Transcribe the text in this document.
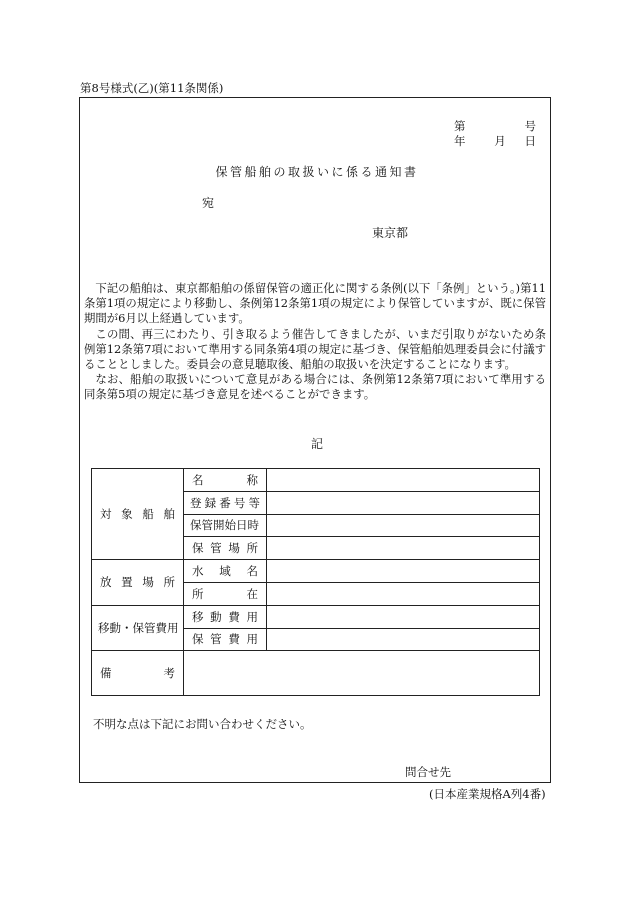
第8号様式(乙)(第11条関係)
第	号
年	月 日
保管船舶の取扱いに係る通知書
宛
東京都

下記の船舶は、東京都船舶の係留保管の適正化に関する条例(以下「条例」という。)第11条第1項の規定により移動し、条例第12条第1項の規定により保管していますが、既に保管期間が6月以上経過しています。

この間、再三にわたり、引き取るよう催告してきましたが、いまだ引取りがないため条例第12条第7項において準用する同条第4項の規定に基づき、保管船舶処理委員会に付議することとしました。委員会の意見聴取後、船舶の取扱いを決定することになります。

なお、船舶の取扱いについて意見がある場合には、条例第12条第7項において準用する同条第5項の規定に基づき意見を述べることができます。

記
対 象 船 舶	名 称	

	登 録 番 号 等	

	保管開始日時	

	保 管 場 所	

放 置 場 所	水 域 名	

	所 在	

移動・保管費用	移 動 費 用	

	保 管 費 用	

備 考		

不明な点は下記にお問い合わせください。
問合せ先
(日本産業規格A列4番)
